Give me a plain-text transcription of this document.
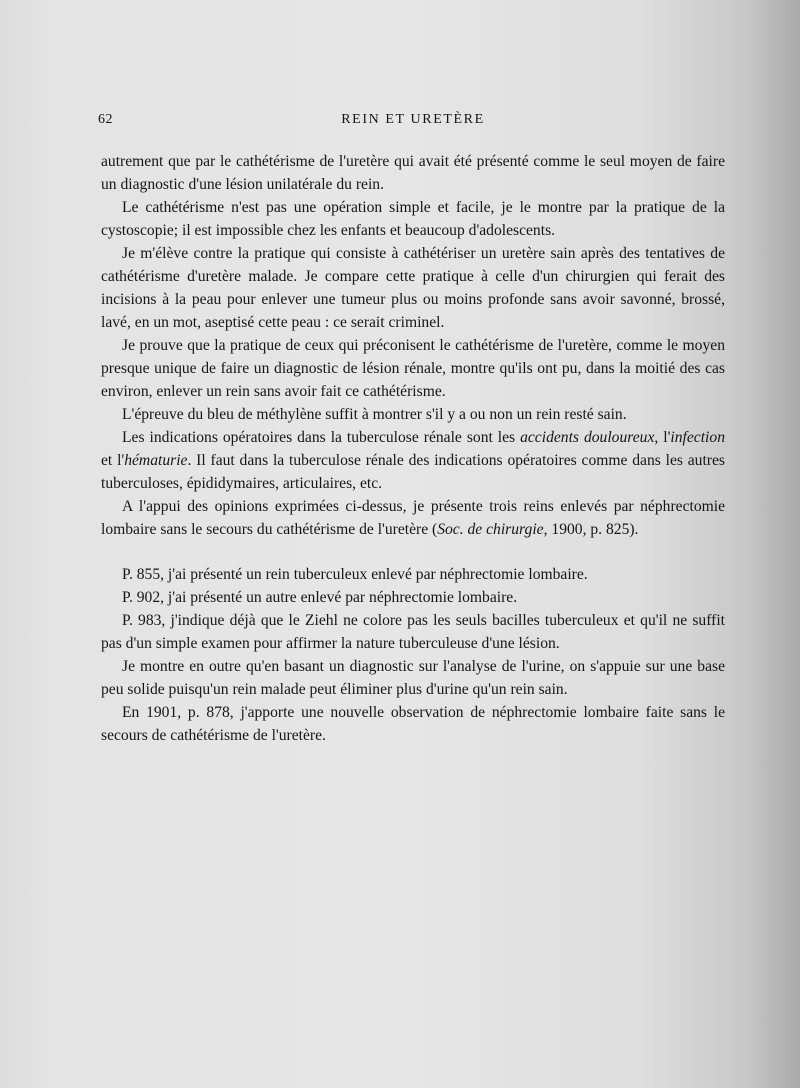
62	REIN ET URETÈRE

autrement que par le cathétérisme de l'uretère qui avait été présenté comme le seul moyen de faire un diagnostic d'une lésion unilatérale du rein.

Le cathétérisme n'est pas une opération simple et facile, je le montre par la pratique de la cystoscopie; il est impossible chez les enfants et beaucoup d'adolescents.

Je m'élève contre la pratique qui consiste à cathétériser un uretère sain après des tentatives de cathétérisme d'uretère malade. Je compare cette pratique à celle d'un chirurgien qui ferait des incisions à la peau pour enlever une tumeur plus ou moins profonde sans avoir savonné, brossé, lavé, en un mot, aseptisé cette peau : ce serait criminel.

Je prouve que la pratique de ceux qui préconisent le cathétérisme de l'uretère, comme le moyen presque unique de faire un diagnostic de lésion rénale, montre qu'ils ont pu, dans la moitié des cas environ, enlever un rein sans avoir fait ce cathétérisme.

L'épreuve du bleu de méthylène suffit à montrer s'il y a ou non un rein resté sain.

Les indications opératoires dans la tuberculose rénale sont les accidents douloureux, l'infection et l'hématurie. Il faut dans la tuberculose rénale des indications opératoires comme dans les autres tuberculoses, épididymaires, articulaires, etc.

A l'appui des opinions exprimées ci-dessus, je présente trois reins enlevés par néphrectomie lombaire sans le secours du cathétérisme de l'uretère (Soc. de chirurgie, 1900, p. 825).

P. 855, j'ai présenté un rein tuberculeux enlevé par néphrectomie lombaire.

P. 902, j'ai présenté un autre enlevé par néphrectomie lombaire.

P. 983, j'indique déjà que le Ziehl ne colore pas les seuls bacilles tuberculeux et qu'il ne suffit pas d'un simple examen pour affirmer la nature tuberculeuse d'une lésion.

Je montre en outre qu'en basant un diagnostic sur l'analyse de l'urine, on s'appuie sur une base peu solide puisqu'un rein malade peut éliminer plus d'urine qu'un rein sain.

En 1901, p. 878, j'apporte une nouvelle observation de néphrectomie lombaire faite sans le secours de cathétérisme de l'uretère.
